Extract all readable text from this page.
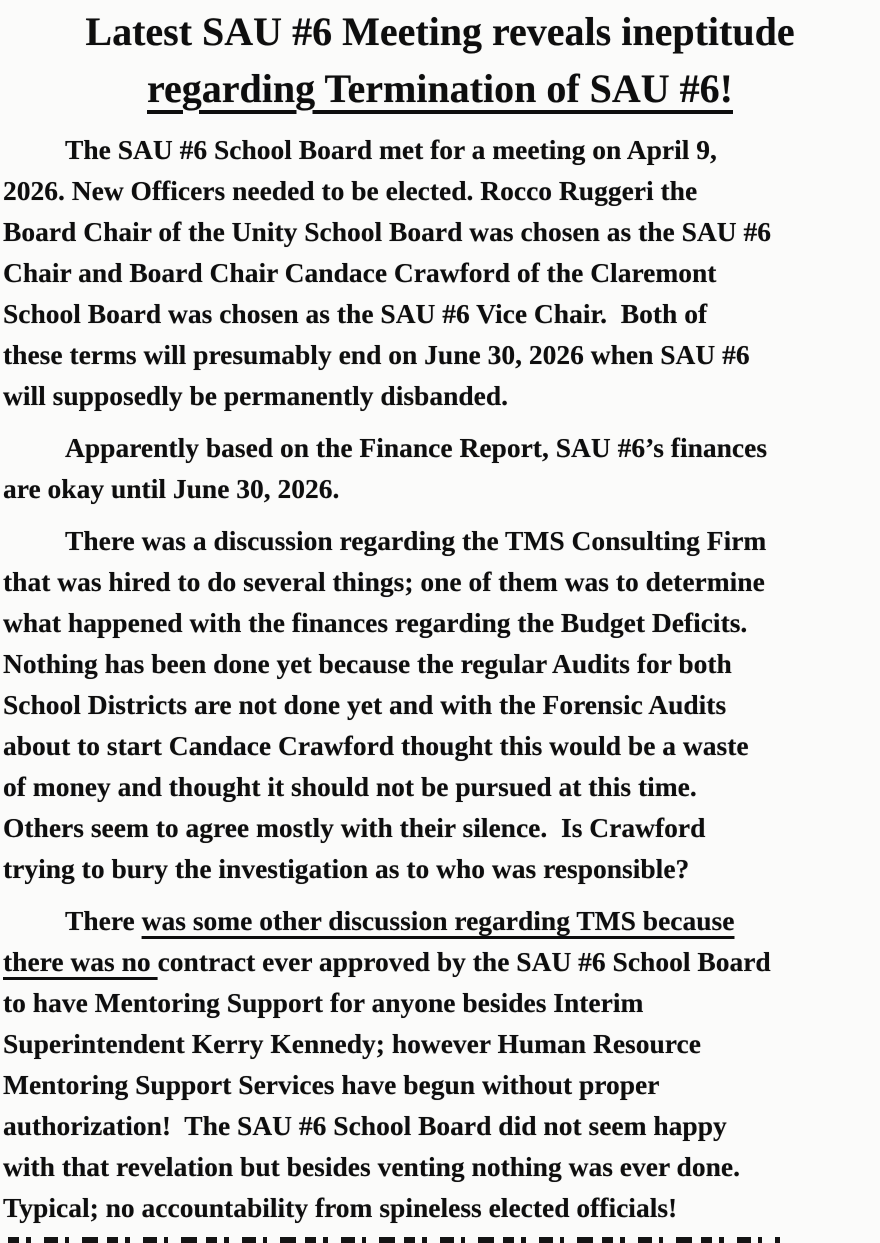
Latest SAU #6 Meeting reveals ineptitude
regarding Termination of SAU #6!
The SAU #6 School Board met for a meeting on April 9,
2026. New Officers needed to be elected. Rocco Ruggeri the
Board Chair of the Unity School Board was chosen as the SAU #6
Chair and Board Chair Candace Crawford of the Claremont
School Board was chosen as the SAU #6 Vice Chair.  Both of
these terms will presumably end on June 30, 2026 when SAU #6
will supposedly be permanently disbanded.
Apparently based on the Finance Report, SAU #6’s finances
are okay until June 30, 2026.
There was a discussion regarding the TMS Consulting Firm
that was hired to do several things; one of them was to determine
what happened with the finances regarding the Budget Deficits.
Nothing has been done yet because the regular Audits for both
School Districts are not done yet and with the Forensic Audits
about to start Candace Crawford thought this would be a waste
of money and thought it should not be pursued at this time.
Others seem to agree mostly with their silence.  Is Crawford
trying to bury the investigation as to who was responsible?
There was some other discussion regarding TMS because
there was no contract ever approved by the SAU #6 School Board
to have Mentoring Support for anyone besides Interim
Superintendent Kerry Kennedy; however Human Resource
Mentoring Support Services have begun without proper
authorization!  The SAU #6 School Board did not seem happy
with that revelation but besides venting nothing was ever done.
Typical; no accountability from spineless elected officials!
